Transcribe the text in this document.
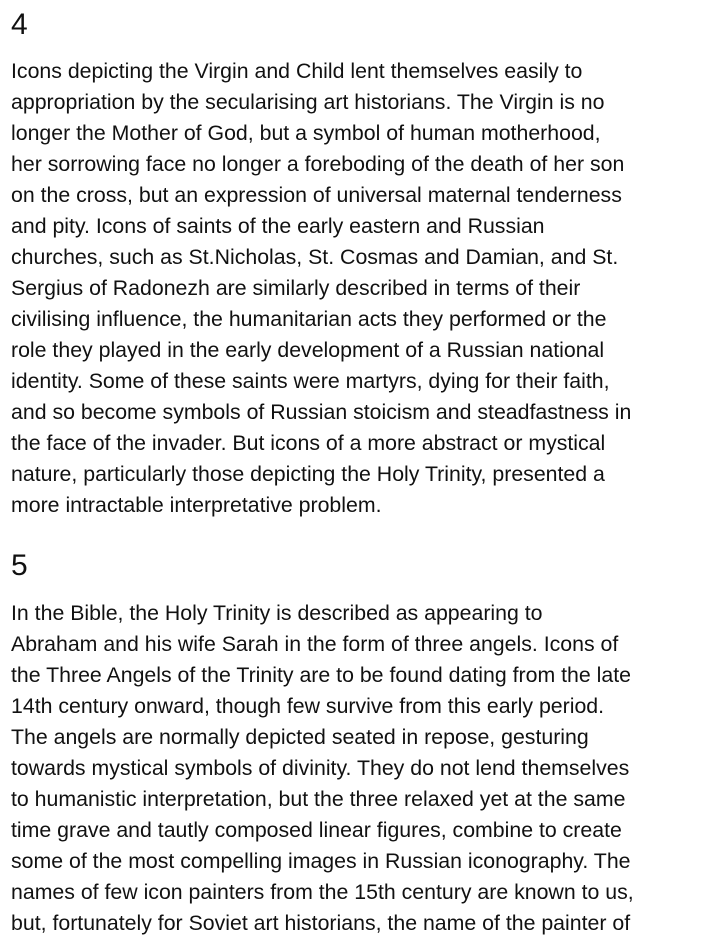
4

Icons depicting the Virgin and Child lent themselves easily to

appropriation by the secularising art historians. The Virgin is no

longer the Mother of God, but a symbol of human motherhood,

her sorrowing face no longer a foreboding of the death of her son

on the cross, but an expression of universal maternal tenderness

and pity. Icons of saints of the early eastern and Russian

churches, such as St.Nicholas, St. Cosmas and Damian, and St.

Sergius of Radonezh are similarly described in terms of their

civilising influence, the humanitarian acts they performed or the

role they played in the early development of a Russian national

identity. Some of these saints were martyrs, dying for their faith,

and so become symbols of Russian stoicism and steadfastness in

the face of the invader. But icons of a more abstract or mystical

nature, particularly those depicting the Holy Trinity, presented a

more intractable interpretative problem.

5

In the Bible, the Holy Trinity is described as appearing to

Abraham and his wife Sarah in the form of three angels. Icons of

the Three Angels of the Trinity are to be found dating from the late

14th century onward, though few survive from this early period.

The angels are normally depicted seated in repose, gesturing

towards mystical symbols of divinity. They do not lend themselves

to humanistic interpretation, but the three relaxed yet at the same

time grave and tautly composed linear figures, combine to create

some of the most compelling images in Russian iconography. The

names of few icon painters from the 15th century are known to us,

but, fortunately for Soviet art historians, the name of the painter of
